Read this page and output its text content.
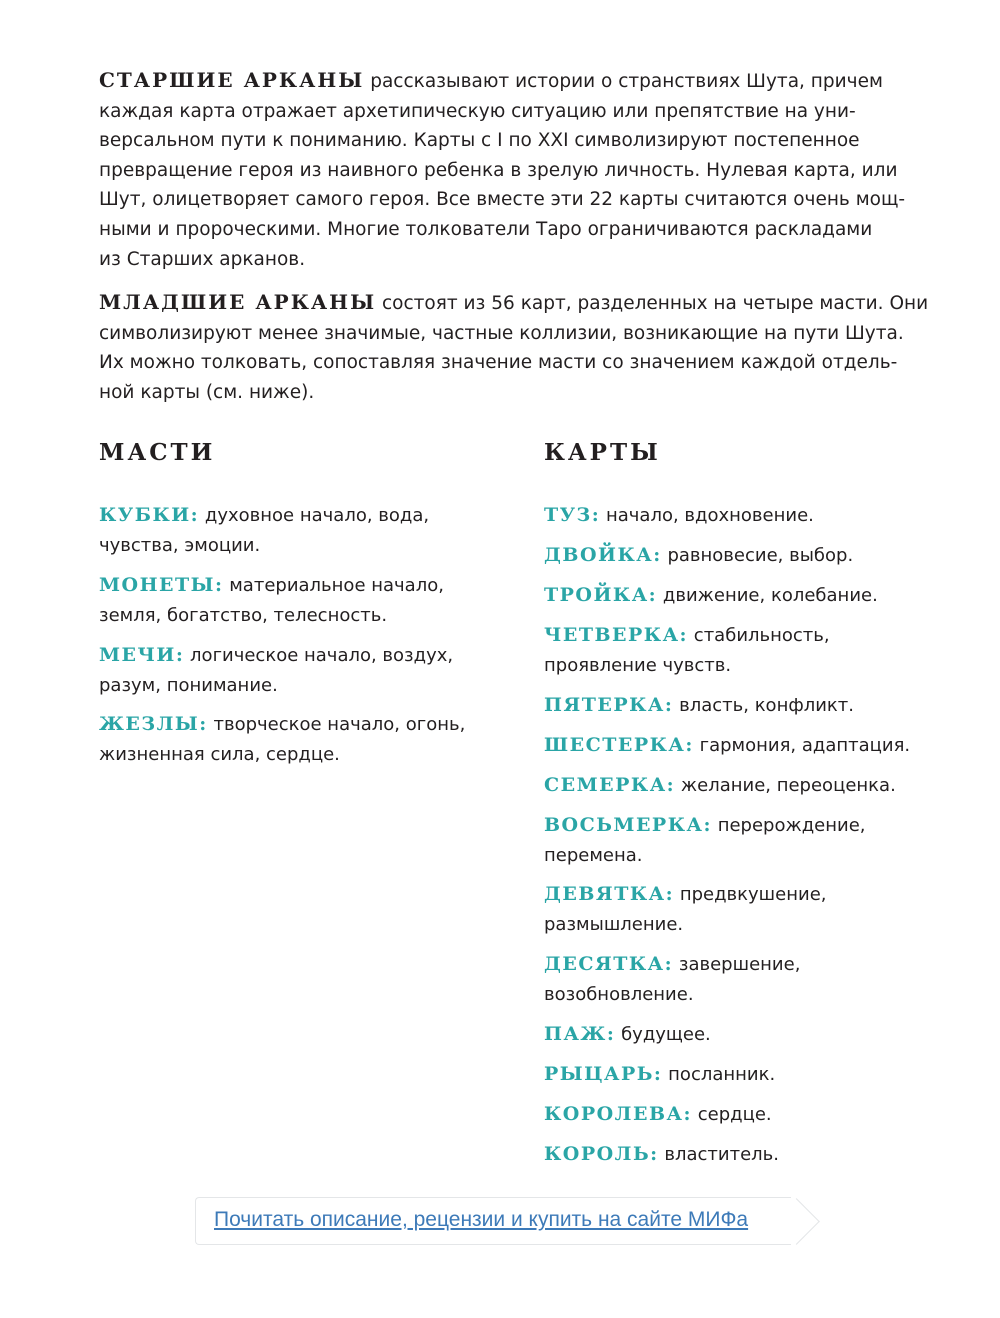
СТАРШИЕ АРКАНЫ рассказывают истории о странствиях Шута, причем
каждая карта отражает архетипическую ситуацию или препятствие на уни-
версальном пути к пониманию. Карты с I по XXI символизируют постепенное
превращение героя из наивного ребенка в зрелую личность. Нулевая карта, или
Шут, олицетворяет самого героя. Все вместе эти 22 карты считаются очень мощ-
ными и пророческими. Многие толкователи Таро ограничиваются раскладами
из Старших арканов.

МЛАДШИЕ АРКАНЫ состоят из 56 карт, разделенных на четыре масти. Они
символизируют менее значимые, частные коллизии, возникающие на пути Шута.
Их можно толковать, сопоставляя значение масти со значением каждой отдель-
ной карты (см. ниже).

МАСТИ	КАРТЫ

КУБКИ: духовное начало, вода,
чувства, эмоции.

МОНЕТЫ: материальное начало,
земля, богатство, телесность.

МЕЧИ: логическое начало, воздух,
разум, понимание.

ЖЕЗЛЫ: творческое начало, огонь,
жизненная сила, сердце.

ТУЗ: начало, вдохновение.

ДВОЙКА: равновесие, выбор.

ТРОЙКА: движение, колебание.

ЧЕТВЕРКА: стабильность,
проявление чувств.

ПЯТЕРКА: власть, конфликт.

ШЕСТЕРКА: гармония, адаптация.

СЕМЕРКА: желание, переоценка.

ВОСЬМЕРКА: перерождение,
перемена.

ДЕВЯТКА: предвкушение,
размышление.

ДЕСЯТКА: завершение,
возобновление.

ПАЖ: будущее.

РЫЦАРЬ: посланник.

КОРОЛЕВА: сердце.

КОРОЛЬ: властитель.

Почитать описание, рецензии и купить на сайте МИФа
